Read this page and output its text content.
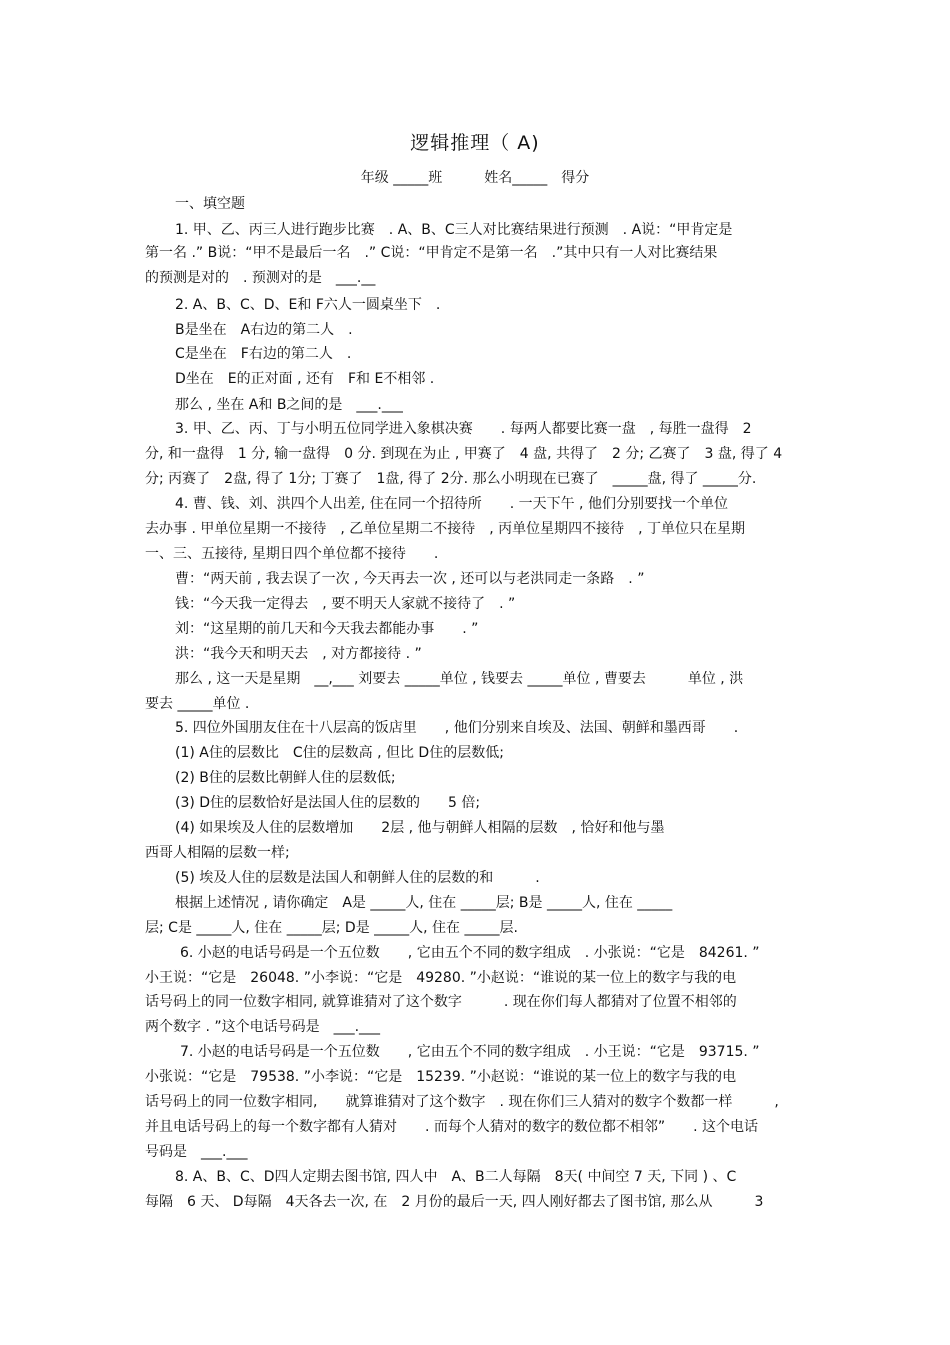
逻辑推理（ A)
年级 _____班　　　姓名_____　得分
一、填空题
1. 甲、乙、丙三人进行跑步比赛　. A、B、C三人对比赛结果进行预测　. A说：“甲肯定是
第一名 .” B说：“甲不是最后一名　.” C说：“甲肯定不是第一名　.”其中只有一人对比赛结果
的预测是对的　. 预测对的是　___.__
2. A、B、C、D、E和 F六人一圆桌坐下　.
B是坐在　A右边的第二人　.
C是坐在　F右边的第二人　.
D坐在　E的正对面 , 还有　F和 E不相邻 .
那么 , 坐在 A和 B之间的是　___.___
3. 甲、乙、丙、丁与小明五位同学进入象棋决赛　　. 每两人都要比赛一盘　, 每胜一盘得　2
分, 和一盘得　1 分, 输一盘得　0 分. 到现在为止 , 甲赛了　4 盘, 共得了　2 分; 乙赛了　3 盘, 得了 4
分; 丙赛了　2盘, 得了 1分; 丁赛了　1盘, 得了 2分. 那么小明现在已赛了　_____盘, 得了 _____分.
4. 曹、钱、刘、洪四个人出差, 住在同一个招待所　　. 一天下午 , 他们分别要找一个单位
去办事 . 甲单位星期一不接待　, 乙单位星期二不接待　, 丙单位星期四不接待　, 丁单位只在星期
一、三、五接待, 星期日四个单位都不接待　　.
曹：“两天前 , 我去误了一次 , 今天再去一次 , 还可以与老洪同走一条路　. ”
钱：“今天我一定得去　, 要不明天人家就不接待了　. ”
刘：“这星期的前几天和今天我去都能办事　　. ”
洪：“我今天和明天去　, 对方都接待 . ”
那么 , 这一天是星期　__,___ 刘要去 _____单位 , 钱要去 _____单位 , 曹要去　　　单位 , 洪
要去 _____单位 .
5. 四位外国朋友住在十八层高的饭店里　　, 他们分别来自埃及、法国、朝鲜和墨西哥　　.
(1) A住的层数比　C住的层数高 , 但比 D住的层数低;
(2) B住的层数比朝鲜人住的层数低;
(3) D住的层数恰好是法国人住的层数的　　5 倍;
(4) 如果埃及人住的层数增加　　2层 , 他与朝鲜人相隔的层数　, 恰好和他与墨
西哥人相隔的层数一样;
(5) 埃及人住的层数是法国人和朝鲜人住的层数的和　　　.
根据上述情况 , 请你确定　A是 _____人, 住在 _____层; B是 _____人, 住在 _____
层; C是 _____人, 住在 _____层; D是 _____人, 住在 _____层.
6. 小赵的电话号码是一个五位数　　, 它由五个不同的数字组成　. 小张说：“它是　84261. ”
小王说：“它是　26048. ”小李说：“它是　49280. ”小赵说：“谁说的某一位上的数字与我的电
话号码上的同一位数字相同, 就算谁猜对了这个数字　　　. 现在你们每人都猜对了位置不相邻的
两个数字 . ”这个电话号码是　___.___
7. 小赵的电话号码是一个五位数　　, 它由五个不同的数字组成　. 小王说：“它是　93715. ”
小张说：“它是　79538. ”小李说：“它是　15239. ”小赵说：“谁说的某一位上的数字与我的电
话号码上的同一位数字相同,　　就算谁猜对了这个数字　. 现在你们三人猜对的数字个数都一样　　　,
并且电话号码上的每一个数字都有人猜对　　. 而每个人猜对的数字的数位都不相邻”　　. 这个电话
号码是　___.___
8. A、B、C、D四人定期去图书馆, 四人中　A、B二人每隔　8天( 中间空 7 天, 下同 ) 、C
每隔　6 天、 D每隔　4天各去一次, 在　2 月份的最后一天, 四人刚好都去了图书馆, 那么从　　　3
